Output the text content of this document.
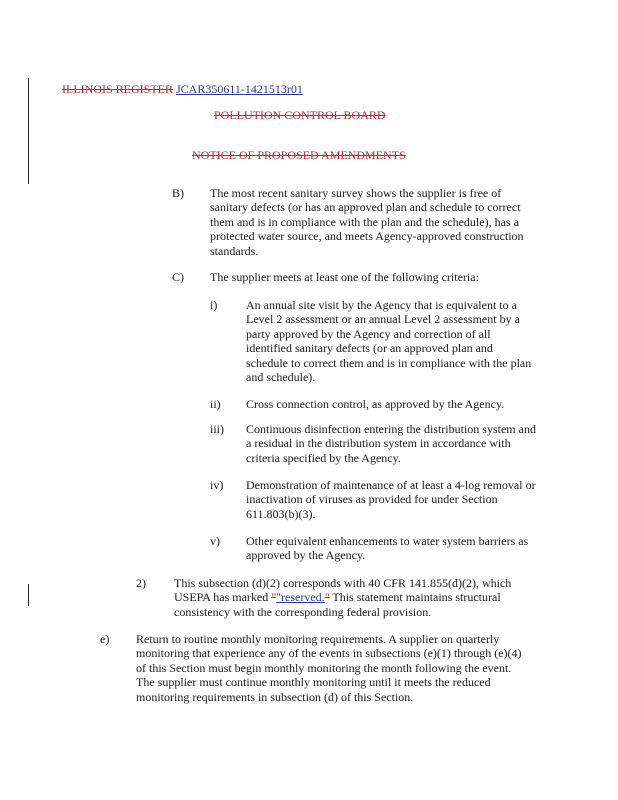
ILLINOIS REGISTER JCAR350611-1421513r01
POLLUTION CONTROL BOARD
NOTICE OF PROPOSED AMENDMENTS
B) The most recent sanitary survey shows the supplier is free of sanitary defects (or has an approved plan and schedule to correct them and is in compliance with the plan and the schedule), has a protected water source, and meets Agency-approved construction standards.

C) The supplier meets at least one of the following criteria:

i) An annual site visit by the Agency that is equivalent to a Level 2 assessment or an annual Level 2 assessment by a party approved by the Agency and correction of all identified sanitary defects (or an approved plan and schedule to correct them and is in compliance with the plan and schedule).

ii) Cross connection control, as approved by the Agency.

iii) Continuous disinfection entering the distribution system and a residual in the distribution system in accordance with criteria specified by the Agency.

iv) Demonstration of maintenance of at least a 4-log removal or inactivation of viruses as provided for under Section 611.803(b)(3).

v) Other equivalent enhancements to water system barriers as approved by the Agency.

2) This subsection (d)(2) corresponds with 40 CFR 141.855(d)(2), which USEPA has marked ""reserved." This statement maintains structural consistency with the corresponding federal provision.

e) Return to routine monthly monitoring requirements. A supplier on quarterly monitoring that experience any of the events in subsections (e)(1) through (e)(4) of this Section must begin monthly monitoring the month following the event. The supplier must continue monthly monitoring until it meets the reduced monitoring requirements in subsection (d) of this Section.
